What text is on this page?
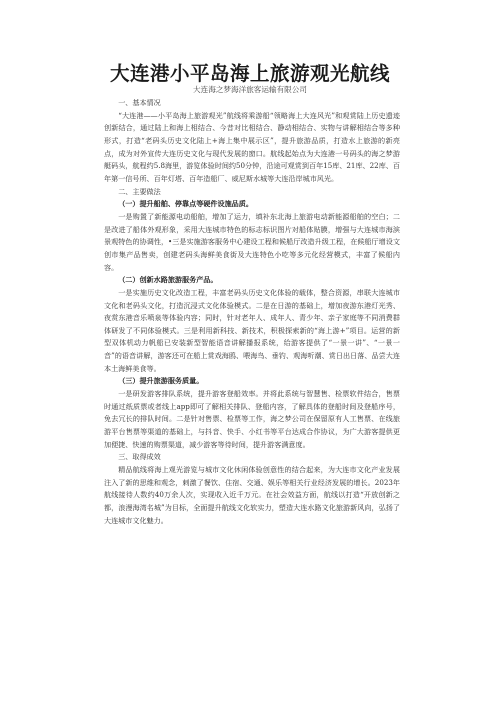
大连港小平岛海上旅游观光航线
大连海之梦海洋旅客运输有限公司

一、基本情况

“大连港——小平岛海上旅游观光”航线将乘游船“领略海上大连风光”和观赏陆上历史遗迹创新结合，通过陆上和海上相结合、今昔对比相结合、静动相结合、实物与讲解相结合等多种形式，打造“老码头历史文化陆上+海上集中展示区”，提升旅游品质，打造水上旅游的新亮点，成为对外宣传大连历史文化与现代发展的窗口。航线起始点为大连港一号码头的海之梦游艇码头，航程约5.8海里，游览体验时间约50分钟，沿途可观赏到百年15库、21库、22库、百年第一信号所、百年灯塔、百年造船厂、威尼斯水城等大连沿岸城市风光。

二、主要做法

（一）提升船舶、停靠点等硬件设施品质。

一是购置了新能源电动船舶，增加了运力，填补东北海上旅游电动新能源船舶的空白；二是改进了船体外观形象，采用大连城市特色的标志标识图片对船体贴膜，增强与大连城市海滨景观特色的协调性，•三是实施游客服务中心建设工程和候船厅改造升级工程，在候船厅增设文创市集产品售卖，创建老码头海鲜美食街及大连特色小吃等多元化经营模式，丰富了候船内容。

（二）创新水路旅游服务产品。

一是实施历史文化改造工程，丰富老码头历史文化体验的载体，整合资源，串联大连城市文化和老码头文化，打造沉浸式文化体验模式。二是在日游的基础上，增加夜游东港灯光秀、夜赏东港音乐喷泉等体验内容；同时，针对老年人、成年人、青少年、亲子家庭等不同消费群体研发了不同体验模式。三是利用新科技、新技术，积极探索新的“海上游+”项目。运营的新型双体机动力帆船已安装新型智能语音讲解播报系统，给游客提供了“一景一讲”、“一景一音”的语音讲解，游客还可在船上赏戏海鸥、喂海鸟、垂钓、观海听潮、赏日出日落、品尝大连本土海鲜美食等。

（三）提升旅游服务质量。

一是研发游客排队系统，提升游客登船效率。并将此系统与智慧售、检票软件结合，售票时通过纸质票或者线上app即可了解相关排队、登船内容，了解具体的登船时间及登船序号，免去冗长的排队时间。二是针对售票、检票等工作，海之梦公司在保留原有人工售票、在线旅游平台售票等渠道的基础上，与抖音、快手、小红书等平台达成合作协议，为广大游客提供更加便捷、快速的购票渠道，减少游客等待时间，提升游客满意度。

三、取得成效

精品航线将海上观光游览与城市文化休闲体验创意性的结合起来，为大连市文化产业发展注入了新的思维和观念，刺激了餐饮、住宿、交通、娱乐等相关行业经济发展的增长。2023年航线接待人数约40万余人次，实现收入近千万元。在社会效益方面，航线以打造“开放创新之都，浪漫海湾名城”为目标，全面提升航线文化软实力，塑造大连水路文化旅游新风向，弘扬了大连城市文化魅力。
